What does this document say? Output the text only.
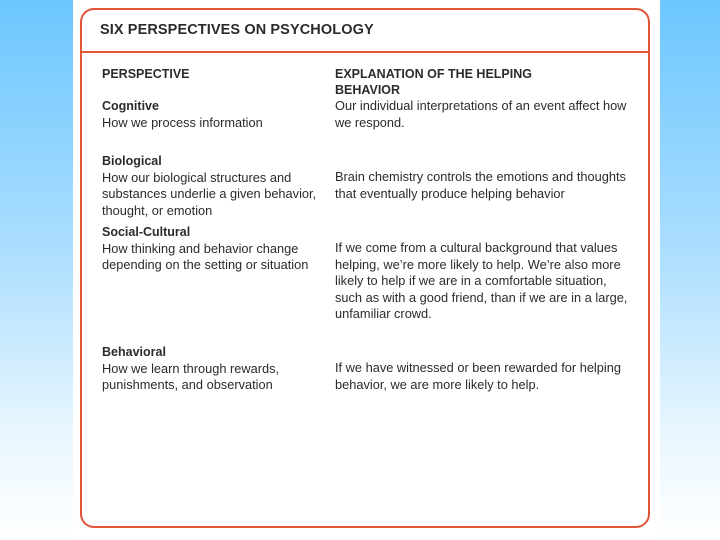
SIX PERSPECTIVES ON PSYCHOLOGY
PERSPECTIVE	EXPLANATION OF THE HELPING BEHAVIOR
Cognitive
How we process information
Our individual interpretations of an event affect how we respond.
Biological
How our biological structures and substances underlie a given behavior, thought, or emotion
Brain chemistry controls the emotions and thoughts that eventually produce helping behavior
Social-Cultural
How thinking and behavior change depending on the setting or situation
If we come from a cultural background that values helping, we’re more likely to help. We’re also more likely to help if we are in a comfortable situation, such as with a good friend, than if we are in a large, unfamiliar crowd.
Behavioral
How we learn through rewards, punishments, and observation
If we have witnessed or been rewarded for helping behavior, we are more likely to help.
